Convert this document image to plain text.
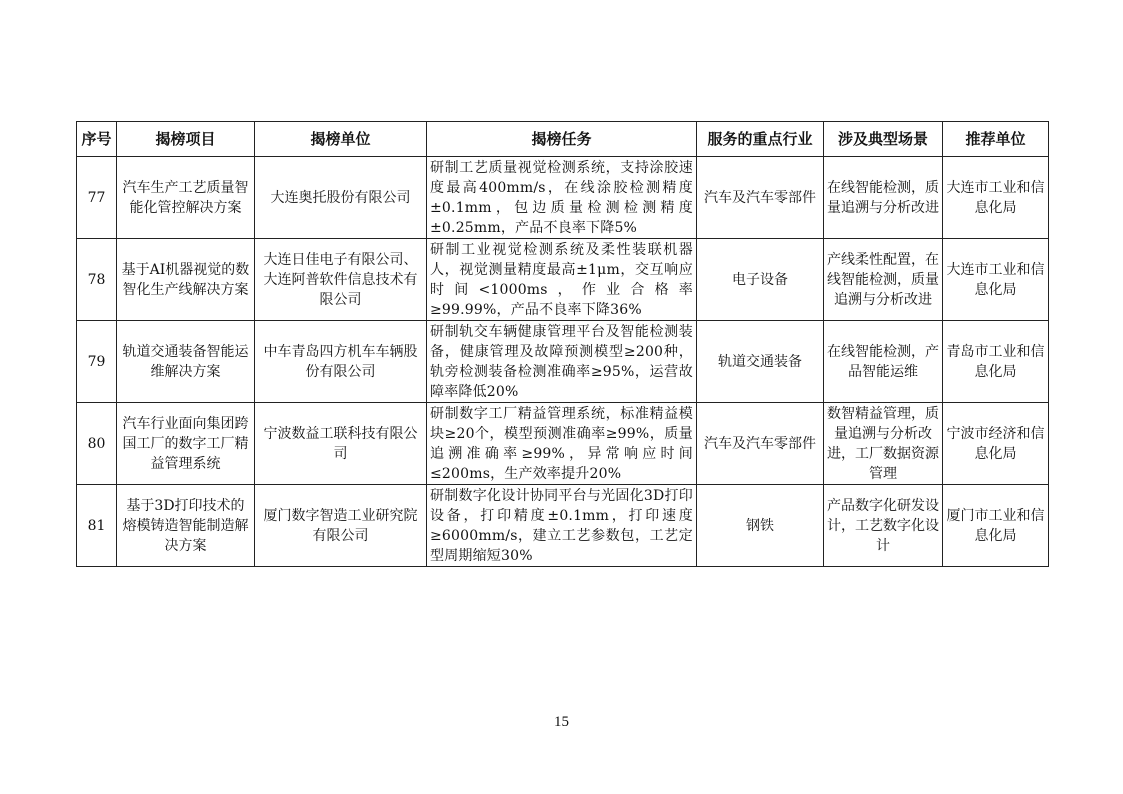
序号	揭榜项目	揭榜单位	揭榜任务	服务的重点行业	涉及典型场景	推荐单位
77	汽车生产工艺质量智能化管控解决方案	大连奥托股份有限公司	研制工艺质量视觉检测系统，支持涂胶速度最高400mm/s，在线涂胶检测精度±0.1mm，包边质量检测检测精度±0.25mm，产品不良率下降5%	汽车及汽车零部件	在线智能检测，质量追溯与分析改进	大连市工业和信息化局
78	基于AI机器视觉的数智化生产线解决方案	大连日佳电子有限公司、大连阿普软件信息技术有限公司	研制工业视觉检测系统及柔性装联机器人，视觉测量精度最高±1μm，交互响应时间<1000ms，作业合格率≥99.99%，产品不良率下降36%	电子设备	产线柔性配置，在线智能检测，质量追溯与分析改进	大连市工业和信息化局
79	轨道交通装备智能运维解决方案	中车青岛四方机车车辆股份有限公司	研制轨交车辆健康管理平台及智能检测装备，健康管理及故障预测模型≥200种，轨旁检测装备检测准确率≥95%，运营故障率降低20%	轨道交通装备	在线智能检测，产品智能运维	青岛市工业和信息化局
80	汽车行业面向集团跨国工厂的数字工厂精益管理系统	宁波数益工联科技有限公司	研制数字工厂精益管理系统，标准精益模块≥20个，模型预测准确率≥99%，质量追溯准确率≥99%，异常响应时间≤200ms，生产效率提升20%	汽车及汽车零部件	数智精益管理，质量追溯与分析改进，工厂数据资源管理	宁波市经济和信息化局
81	基于3D打印技术的熔模铸造智能制造解决方案	厦门数字智造工业研究院有限公司	研制数字化设计协同平台与光固化3D打印设备，打印精度±0.1mm，打印速度≥6000mm/s，建立工艺参数包，工艺定型周期缩短30%	钢铁	产品数字化研发设计，工艺数字化设计	厦门市工业和信息化局
15
